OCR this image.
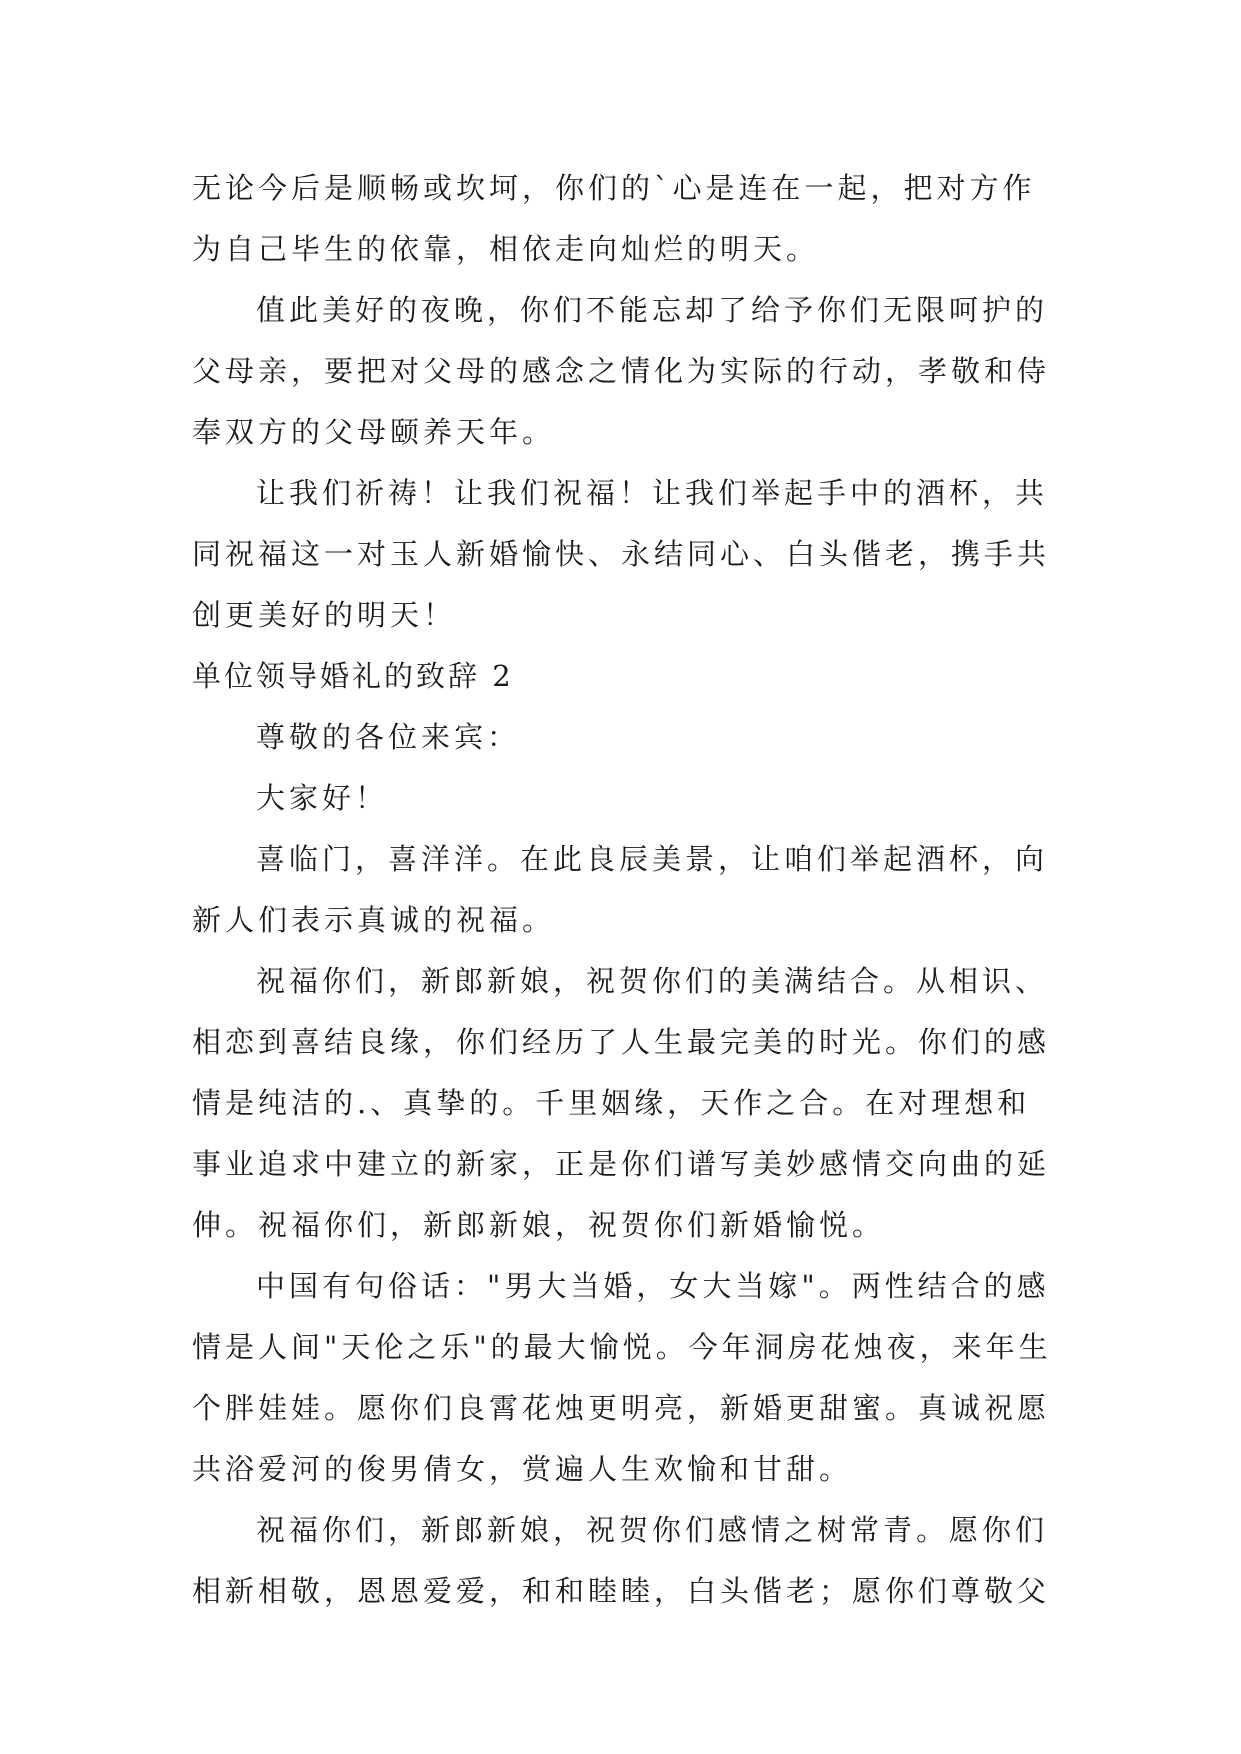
无论今后是顺畅或坎坷，你们的`心是连在一起，把对方作
为自己毕生的依靠，相依走向灿烂的明天。

值此美好的夜晚，你们不能忘却了给予你们无限呵护的
父母亲，要把对父母的感念之情化为实际的行动，孝敬和侍
奉双方的父母颐养天年。

让我们祈祷！让我们祝福！让我们举起手中的酒杯，共
同祝福这一对玉人新婚愉快、永结同心、白头偕老，携手共
创更美好的明天！

单位领导婚礼的致辞 2

尊敬的各位来宾：

大家好！

喜临门，喜洋洋。在此良辰美景，让咱们举起酒杯，向
新人们表示真诚的祝福。

祝福你们，新郎新娘，祝贺你们的美满结合。从相识、
相恋到喜结良缘，你们经历了人生最完美的时光。你们的感
情是纯洁的.、真挚的。千里姻缘，天作之合。在对理想和
事业追求中建立的新家，正是你们谱写美妙感情交向曲的延
伸。祝福你们，新郎新娘，祝贺你们新婚愉悦。

中国有句俗话："男大当婚，女大当嫁"。两性结合的感
情是人间"天伦之乐"的最大愉悦。今年洞房花烛夜，来年生
个胖娃娃。愿你们良霄花烛更明亮，新婚更甜蜜。真诚祝愿
共浴爱河的俊男倩女，赏遍人生欢愉和甘甜。

祝福你们，新郎新娘，祝贺你们感情之树常青。愿你们
相新相敬，恩恩爱爱，和和睦睦，白头偕老；愿你们尊敬父
